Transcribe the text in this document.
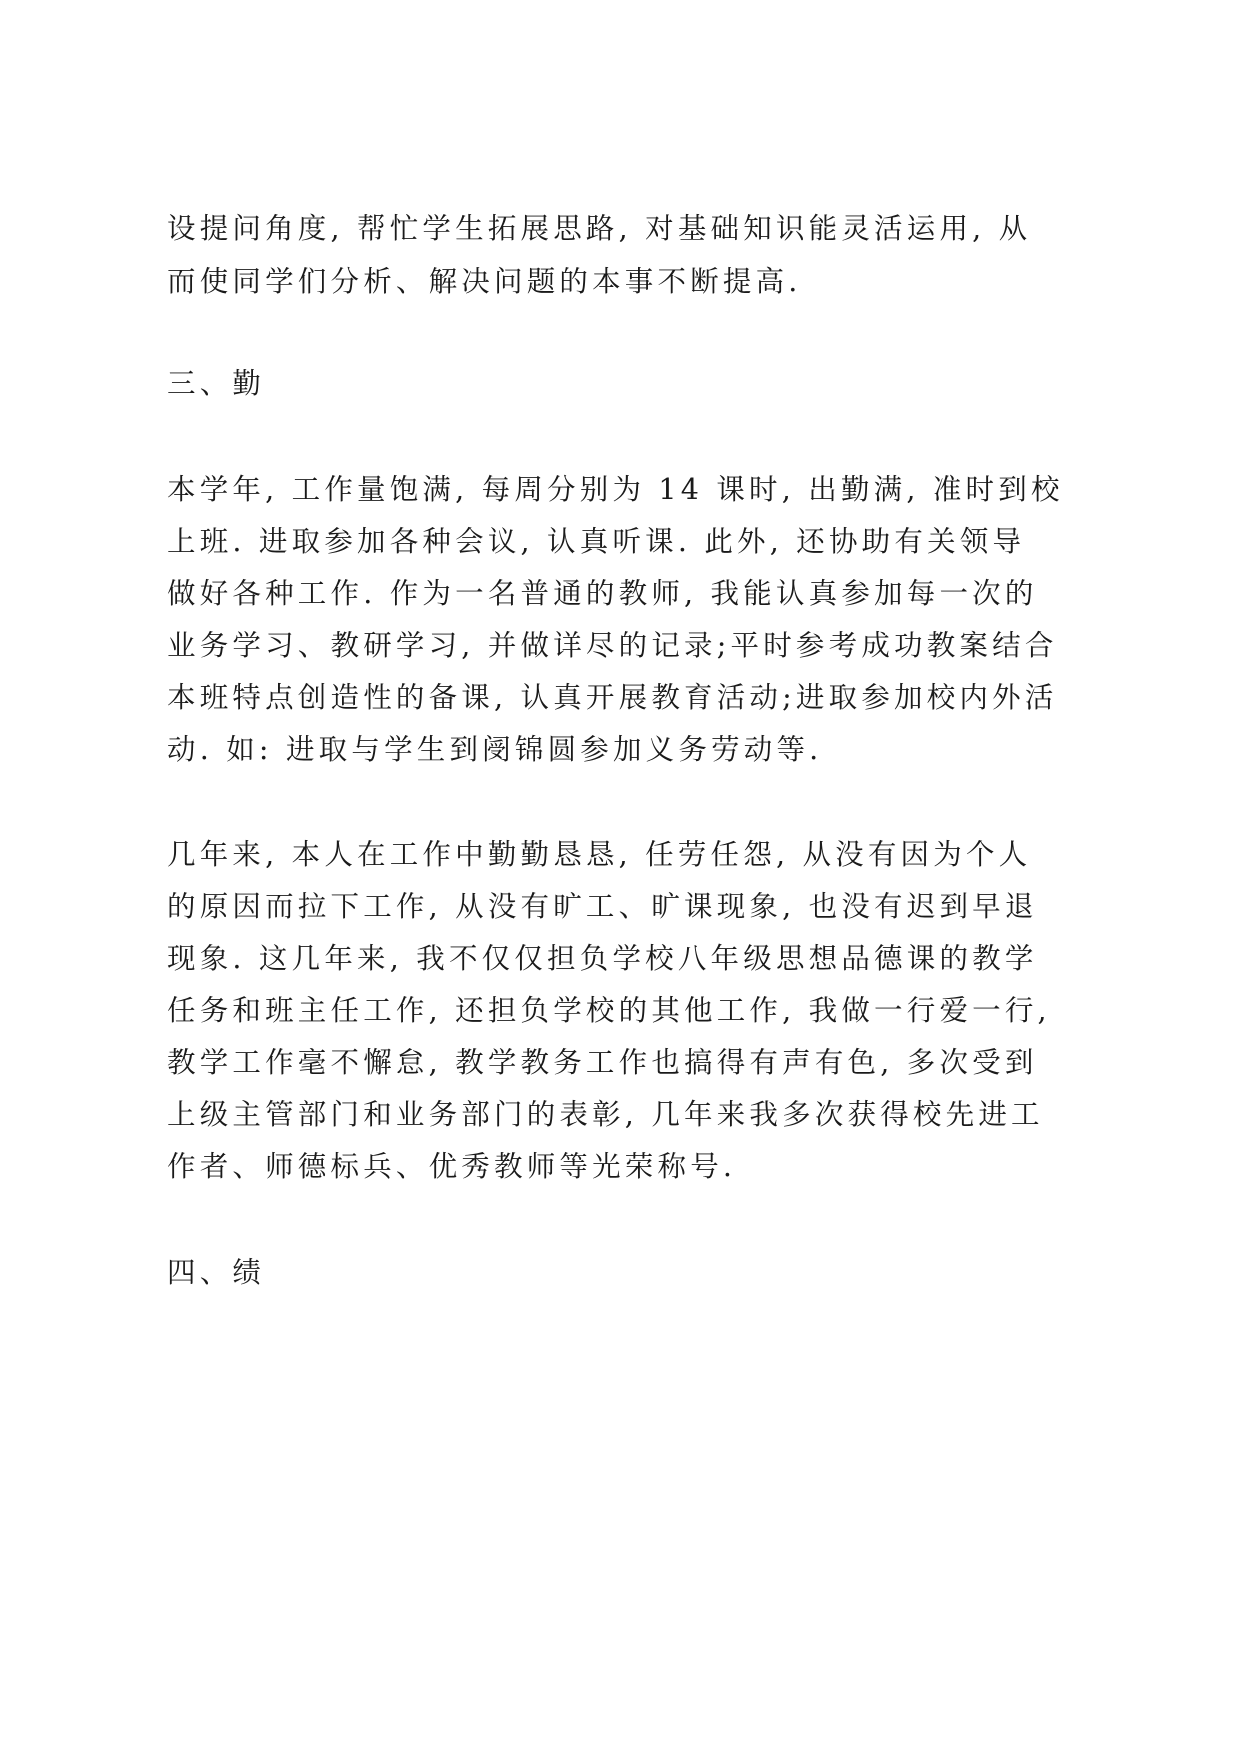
设提问角度, 帮忙学生拓展思路, 对基础知识能灵活运用, 从
而使同学们分析、解决问题的本事不断提高.
三、勤
本学年, 工作量饱满, 每周分别为 14 课时, 出勤满, 准时到校
上班. 进取参加各种会议, 认真听课. 此外, 还协助有关领导
做好各种工作. 作为一名普通的教师, 我能认真参加每一次的
业务学习、教研学习, 并做详尽的记录;平时参考成功教案结合
本班特点创造性的备课, 认真开展教育活动;进取参加校内外活
动. 如: 进取与学生到阌锦圆参加义务劳动等.
几年来, 本人在工作中勤勤恳恳, 任劳任怨, 从没有因为个人
的原因而拉下工作, 从没有旷工、旷课现象, 也没有迟到早退
现象. 这几年来, 我不仅仅担负学校八年级思想品德课的教学
任务和班主任工作, 还担负学校的其他工作, 我做一行爱一行,
教学工作毫不懈怠, 教学教务工作也搞得有声有色, 多次受到
上级主管部门和业务部门的表彰, 几年来我多次获得校先进工
作者、师德标兵、优秀教师等光荣称号.
四、绩
